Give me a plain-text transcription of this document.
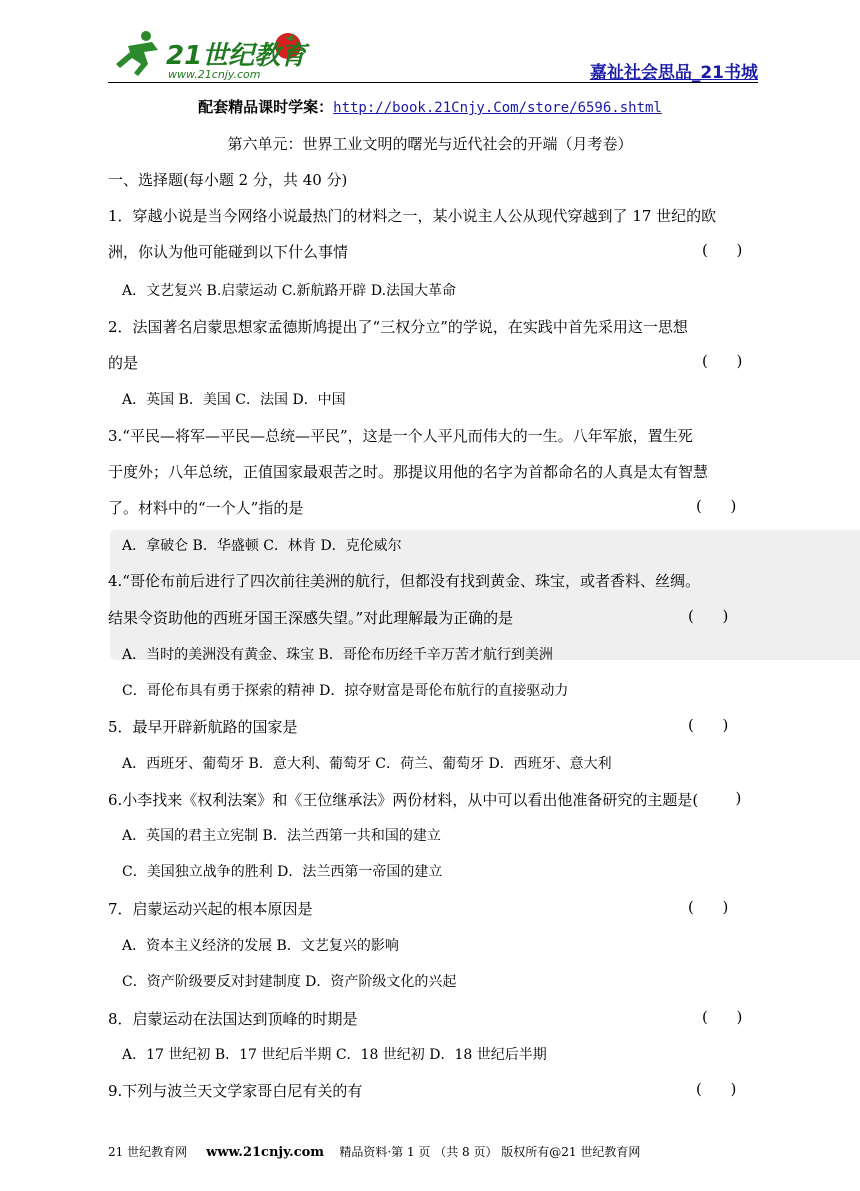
21世纪教育
www.21cnjy.com	嘉祉社会思品_21书城
配套精品课时学案：http://book.21Cnjy.Com/store/6596.shtml
第六单元：世界工业文明的曙光与近代社会的开端（月考卷）
一、选择题(每小题 2 分，共 40 分)
1．穿越小说是当今网络小说最热门的材料之一，某小说主人公从现代穿越到了 17 世纪的欧
洲，你认为他可能碰到以下什么事情	(      )
A．文艺复兴 B.启蒙运动 C.新航路开辟 D.法国大革命
2．法国著名启蒙思想家孟德斯鸠提出了“三权分立”的学说，在实践中首先采用这一思想
的是	(      )
A．英国 B．美国 C．法国 D．中国
3.“平民—将军—平民—总统—平民”，这是一个人平凡而伟大的一生。八年军旅，置生死
于度外；八年总统，正值国家最艰苦之时。那提议用他的名字为首都命名的人真是太有智慧
了。材料中的“一个人”指的是	(      )
A．拿破仑 B．华盛顿 C．林肯 D．克伦威尔
4.“哥伦布前后进行了四次前往美洲的航行，但都没有找到黄金、珠宝，或者香料、丝绸。
结果令资助他的西班牙国王深感失望。”对此理解最为正确的是	(      )
A．当时的美洲没有黄金、珠宝 B．哥伦布历经千辛万苦才航行到美洲
C．哥伦布具有勇于探索的精神 D．掠夺财富是哥伦布航行的直接驱动力
5．最早开辟新航路的国家是	(      )
A．西班牙、葡萄牙 B．意大利、葡萄牙 C．荷兰、葡萄牙 D．西班牙、意大利
6.小李找来《权利法案》和《王位继承法》两份材料，从中可以看出他准备研究的主题是(	)
A．英国的君主立宪制 B．法兰西第一共和国的建立
C．美国独立战争的胜利 D．法兰西第一帝国的建立
7．启蒙运动兴起的根本原因是	(      )
A．资本主义经济的发展 B．文艺复兴的影响
C．资产阶级要反对封建制度 D．资产阶级文化的兴起
8．启蒙运动在法国达到顶峰的时期是	(      )
A．17 世纪初 B．17 世纪后半期 C．18 世纪初 D．18 世纪后半期
9.下列与波兰天文学家哥白尼有关的有	(      )
21 世纪教育网 www.21cnjy.com 精品资料·第 1 页 （共 8 页） 版权所有@21 世纪教育网
